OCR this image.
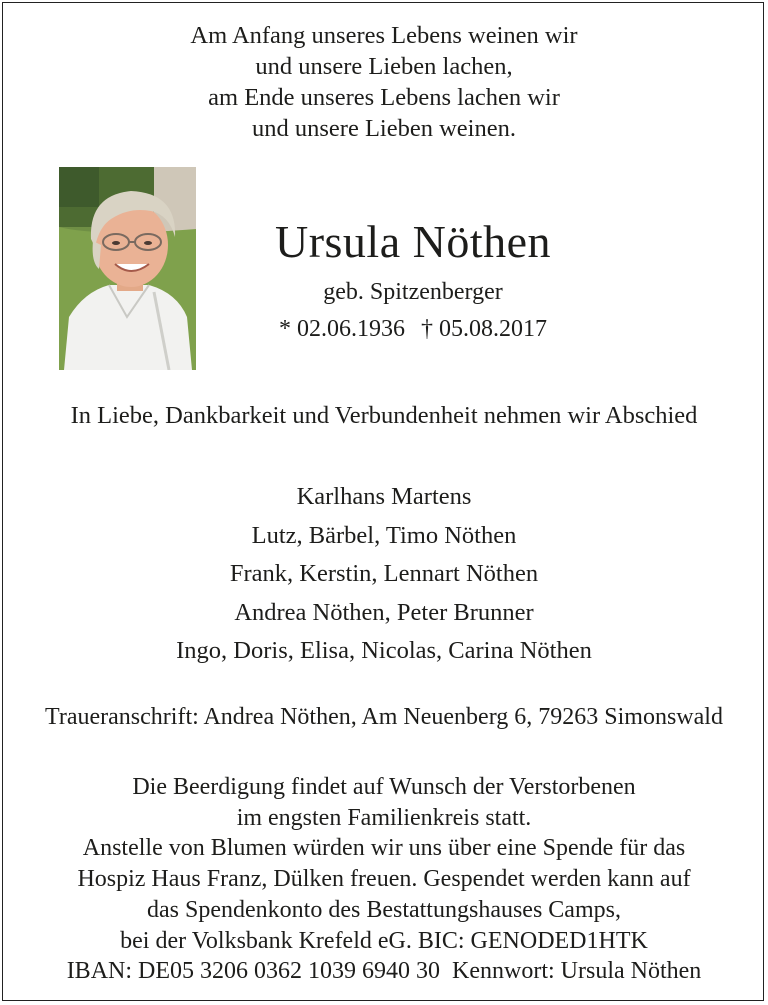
Am Anfang unseres Lebens weinen wir
und unsere Lieben lachen,
am Ende unseres Lebens lachen wir
und unsere Lieben weinen.
Ursula Nöthen
geb. Spitzenberger
* 02.06.1936 † 05.08.2017
In Liebe, Dankbarkeit und Verbundenheit nehmen wir Abschied
Karlhans Martens
Lutz, Bärbel, Timo Nöthen
Frank, Kerstin, Lennart Nöthen
Andrea Nöthen, Peter Brunner
Ingo, Doris, Elisa, Nicolas, Carina Nöthen
Traueranschrift: Andrea Nöthen, Am Neuenberg 6, 79263 Simonswald
Die Beerdigung findet auf Wunsch der Verstorbenen
im engsten Familienkreis statt.
Anstelle von Blumen würden wir uns über eine Spende für das
Hospiz Haus Franz, Dülken freuen. Gespendet werden kann auf
das Spendenkonto des Bestattungshauses Camps,
bei der Volksbank Krefeld eG. BIC: GENODED1HTK
IBAN: DE05 3206 0362 1039 6940 30  Kennwort: Ursula Nöthen
